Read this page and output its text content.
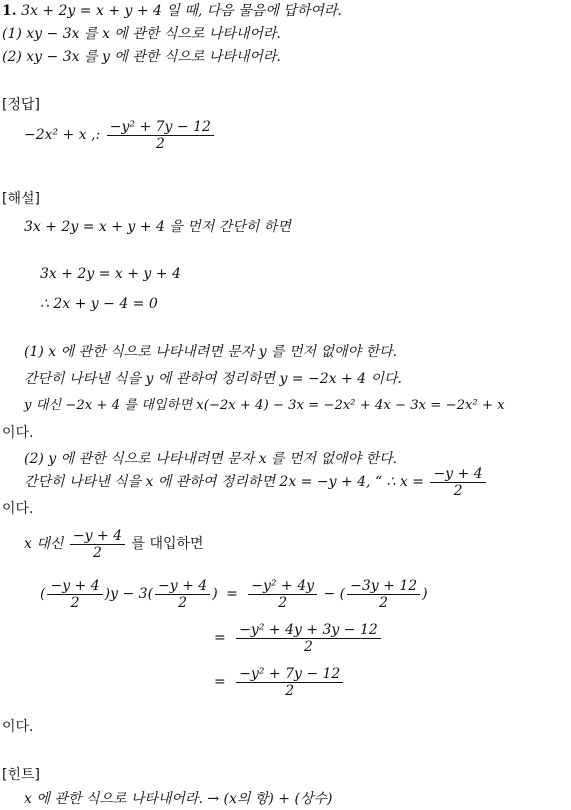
1. 3x + 2y = x + y + 4 일 때, 다음 물음에 답하여라.
(1) xy − 3x 를 x 에 관한 식으로 나타내어라.
(2) xy − 3x 를 y 에 관한 식으로 나타내어라.
[정답]
−2x² + x ,: $\frac{\text{−y² + 7y − 12}}{2}$
[해설]
3x + 2y = x + y + 4 을 먼저 간단히 하면
3x + 2y = x + y + 4
∴ 2x + y − 4 = 0
(1) x 에 관한 식으로 나타내려면 문자 y 를 먼저 없애야 한다.
간단히 나타낸 식을 y 에 관하여 정리하면 y = −2x + 4 이다.
y 대신 −2x + 4 를 대입하면 x(−2x + 4) − 3x = −2x² + 4x − 3x = −2x² + x
이다.
(2) y 에 관한 식으로 나타내려면 문자 x 를 먼저 없애야 한다.
간단히 나타낸 식을 x 에 관하여 정리하면 2x = −y + 4, “ ∴ $x = \frac{-y + 4}{2}$
이다.
x 대신 $\frac{-y + 4}{2}$ 를 대입하면
( $\frac{-y + 4}{2} )y - 3( \frac{-y + 4}{2}$ ) = $\frac{\text{−y² + 4y}}{2}$ − ( $\frac{-3y + 12}{2}$ )
= $\frac{\text{−y² + 4y + 3y − 12}}{2}$
= $\frac{\text{−y² + 7y − 12}}{2}$
이다.
[힌트]
x 에 관한 식으로 나타내어라. → (x의 항) + (상수)
